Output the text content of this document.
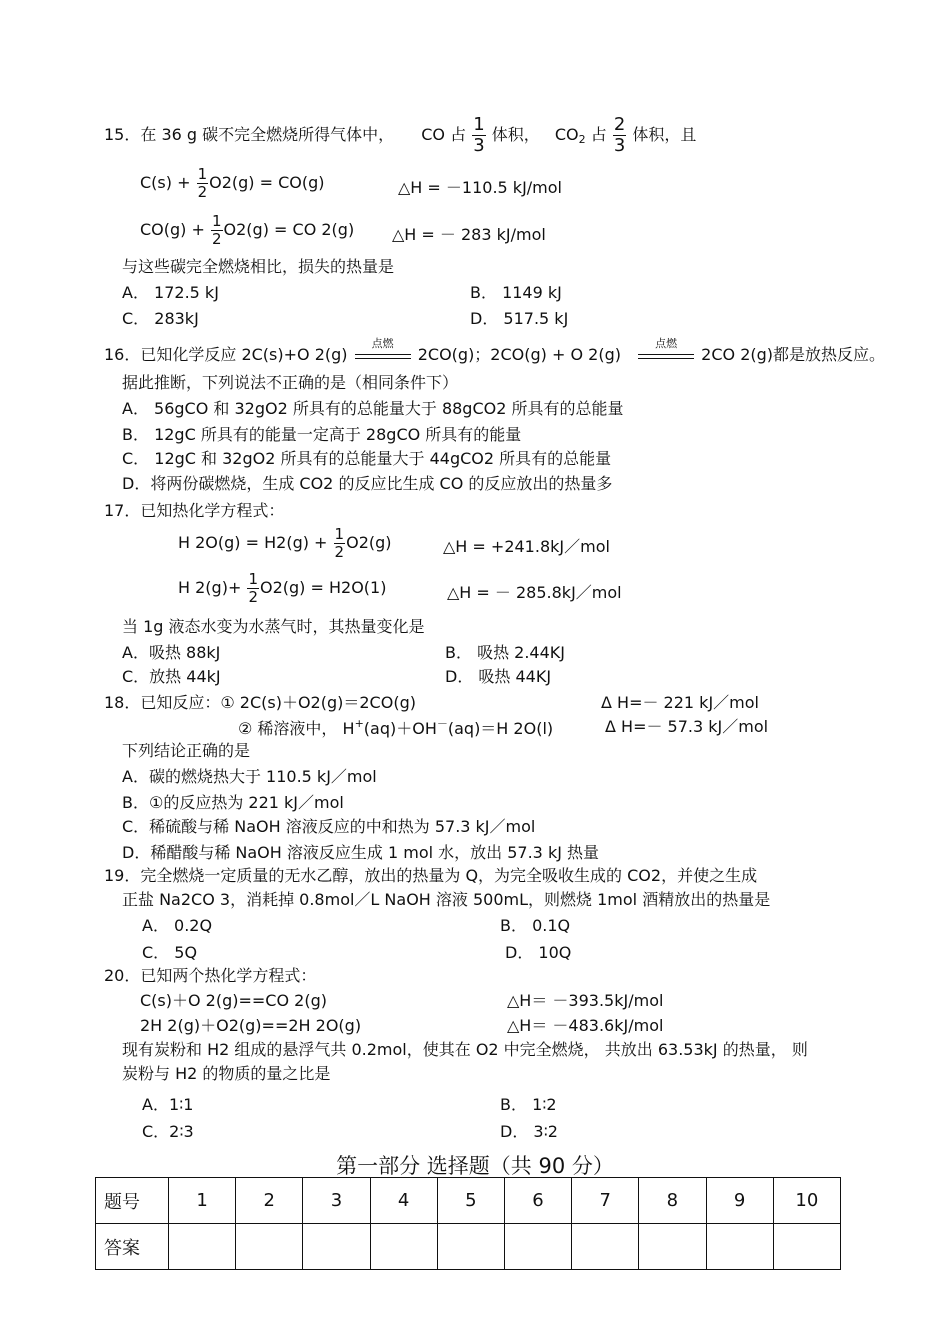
15．在 36 g 碳不完全燃烧所得气体中， CO 占 $\frac{1}{3}$ 体积， $CO_2$ 占 $\frac{2}{3}$ 体积，且
$C(s) + \frac{1}{2} O2(g) = CO(g)$	△H = －110.5 kJ/mol
$CO(g) + \frac{1}{2} O2(g)$ = CO 2(g) △H = － 283 kJ/mol
与这些碳完全燃烧相比，损失的热量是
A． 172.5 kJ	B． 1149 kJ
C． 283kJ	D． 517.5 kJ
16．已知化学反应 2C(s)+O 2(g)
点燃
2CO(g)；2CO(g) + O 2(g)
点燃
2CO 2(g)都是放热反应。
据此推断，下列说法不正确的是（相同条件下）
A． 56gCO 和 32gO2 所具有的总能量大于 88gCO2 所具有的总能量
B． 12gC 所具有的能量一定高于 28gCO 所具有的能量
C． 12gC 和 32gO2 所具有的总能量大于 44gCO2 所具有的总能量
D．将两份碳燃烧，生成 CO2 的反应比生成 CO 的反应放出的热量多
17．已知热化学方程式：
H $2O(g) = H2(g) + \frac{1}{2} O2(g)$	△H = +241.8kJ／mol
H $2(g)+ \frac{1}{2} O2(g) = H2O(1)$	△H = － 285.8kJ／mol
当 1g 液态水变为水蒸气时，其热量变化是
A．吸热 88kJ	B． 吸热 2.44KJ
C．放热 44kJ	D． 吸热 44KJ
18．已知反应：① 2C(s)＋O2(g)＝2CO(g)	Δ H=－ 221 kJ／mol
② 稀溶液中， H+(aq)＋OH－(aq)＝H 2O(l)	Δ H=－ 57.3 kJ／mol
下列结论正确的是
A．碳的燃烧热大于 110.5 kJ／mol
B．①的反应热为 221 kJ／mol
C．稀硫酸与稀 NaOH 溶液反应的中和热为 57.3 kJ／mol
D．稀醋酸与稀 NaOH 溶液反应生成 1 mol 水，放出 57.3 kJ 热量
19．完全燃烧一定质量的无水乙醇，放出的热量为 Q，为完全吸收生成的 CO2，并使之生成
正盐 Na2CO 3，消耗掉 0.8mol／L NaOH 溶液 500mL，则燃烧 1mol 酒精放出的热量是
A． 0.2Q	B． 0.1Q
C． 5Q	D． 10Q
20．已知两个热化学方程式：
C(s)＋O 2(g)==CO 2(g)	△H＝ －393.5kJ/mol
2H 2(g)＋O2(g)==2H 2O(g)	△H＝ －483.6kJ/mol
现有炭粉和 H2 组成的悬浮气共 0.2mol，使其在 O2 中完全燃烧， 共放出 63.53kJ 的热量， 则
炭粉与 H2 的物质的量之比是
A．1∶1	B． 1∶2
C．2∶3	D． 3∶2
第一部分 选择题（共 90 分）
题号	1	2	3	4	5	6	7	8	9	10
答案										
